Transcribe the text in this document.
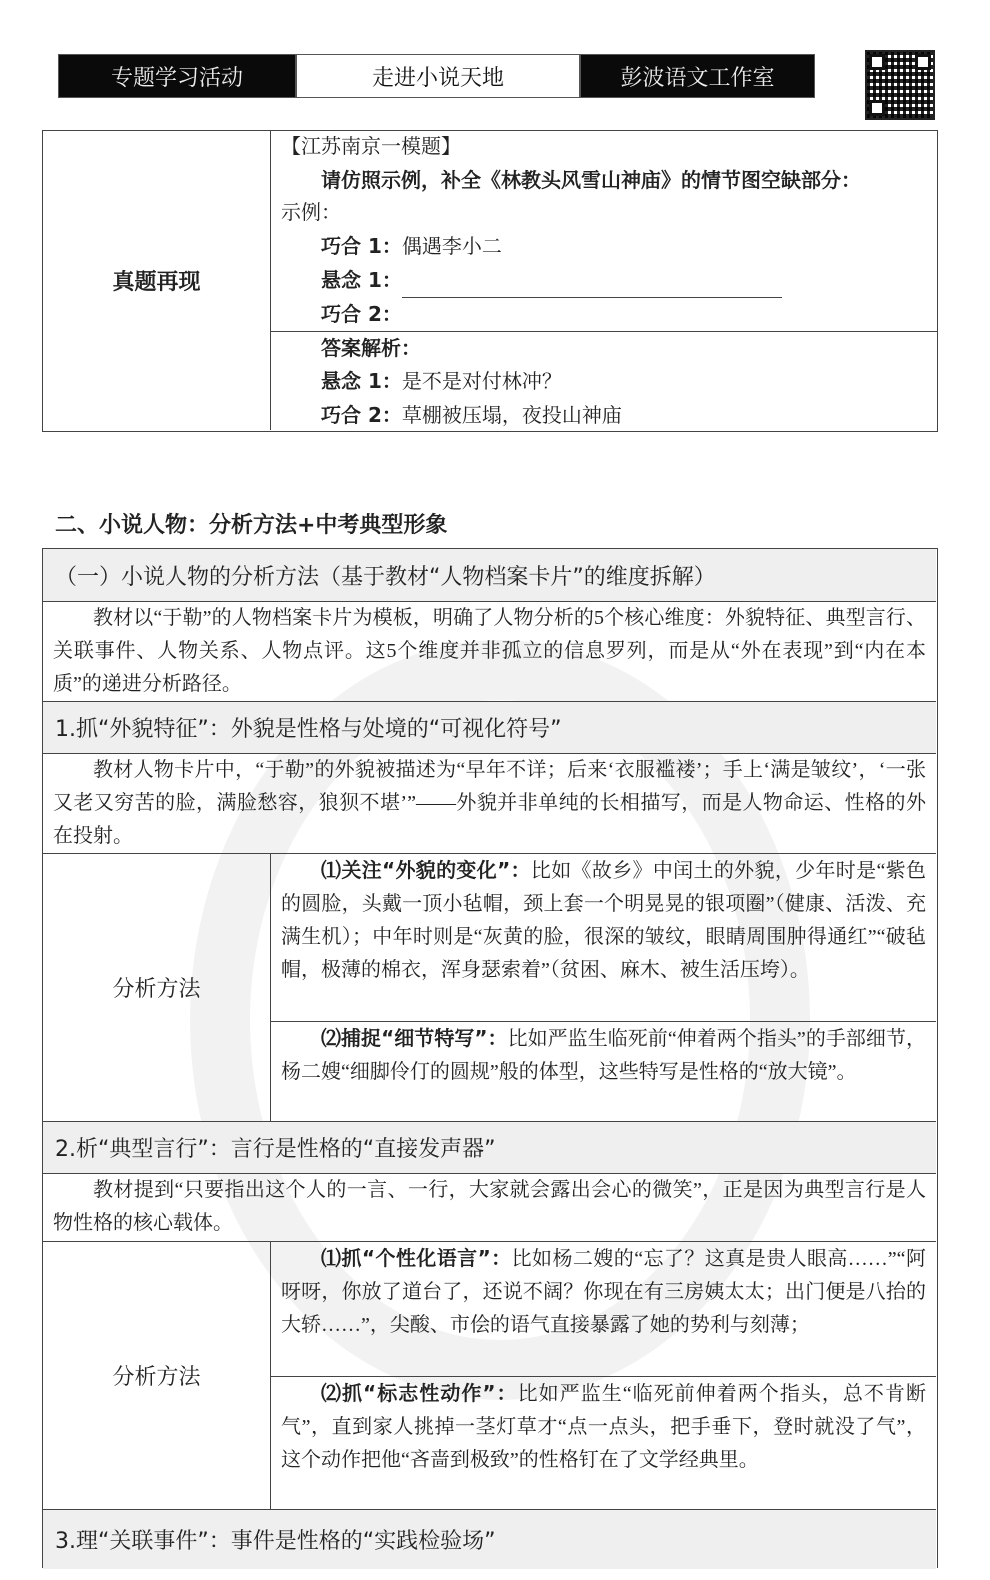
专题学习活动	走进小说天地	彭波语文工作室
真题再现
【江苏南京一模题】
请仿照示例，补全《林教头风雪山神庙》的情节图空缺部分：
示例：
巧合 1：偶遇李小二
悬念 1：
巧合 2：
答案解析：
悬念 1：是不是对付林冲？
巧合 2：草棚被压塌，夜投山神庙
二、小说人物：分析方法+中考典型形象
（一）小说人物的分析方法（基于教材“人物档案卡片”的维度拆解）
教材以“于勒”的人物档案卡片为模板，明确了人物分析的5个核心维度：外貌特征、典型言行、关联事件、人物关系、人物点评。这5个维度并非孤立的信息罗列，而是从“外在表现”到“内在本质”的递进分析路径。
1.抓“外貌特征”：外貌是性格与处境的“可视化符号”
教材人物卡片中，“于勒”的外貌被描述为“早年不详；后来‘衣服褴褛’；手上‘满是皱纹’，‘一张又老又穷苦的脸，满脸愁容，狼狈不堪’”——外貌并非单纯的长相描写，而是人物命运、性格的外在投射。
分析方法
⑴关注“外貌的变化”：比如《故乡》中闰土的外貌，少年时是“紫色的圆脸，头戴一顶小毡帽，颈上套一个明晃晃的银项圈”（健康、活泼、充满生机）；中年时则是“灰黄的脸，很深的皱纹，眼睛周围肿得通红”“破毡帽，极薄的棉衣，浑身瑟索着”（贫困、麻木、被生活压垮）。
⑵捕捉“细节特写”：比如严监生临死前“伸着两个指头”的手部细节，杨二嫂“细脚伶仃的圆规”般的体型，这些特写是性格的“放大镜”。
2.析“典型言行”：言行是性格的“直接发声器”
教材提到“只要指出这个人的一言、一行，大家就会露出会心的微笑”，正是因为典型言行是人物性格的核心载体。
分析方法
⑴抓“个性化语言”：比如杨二嫂的“忘了？这真是贵人眼高……”“阿呀呀，你放了道台了，还说不阔？你现在有三房姨太太；出门便是八抬的大轿……”，尖酸、市侩的语气直接暴露了她的势利与刻薄；
⑵抓“标志性动作”：比如严监生“临死前伸着两个指头，总不肯断气”，直到家人挑掉一茎灯草才“点一点头，把手垂下，登时就没了气”，这个动作把他“吝啬到极致”的性格钉在了文学经典里。
3.理“关联事件”：事件是性格的“实践检验场”
